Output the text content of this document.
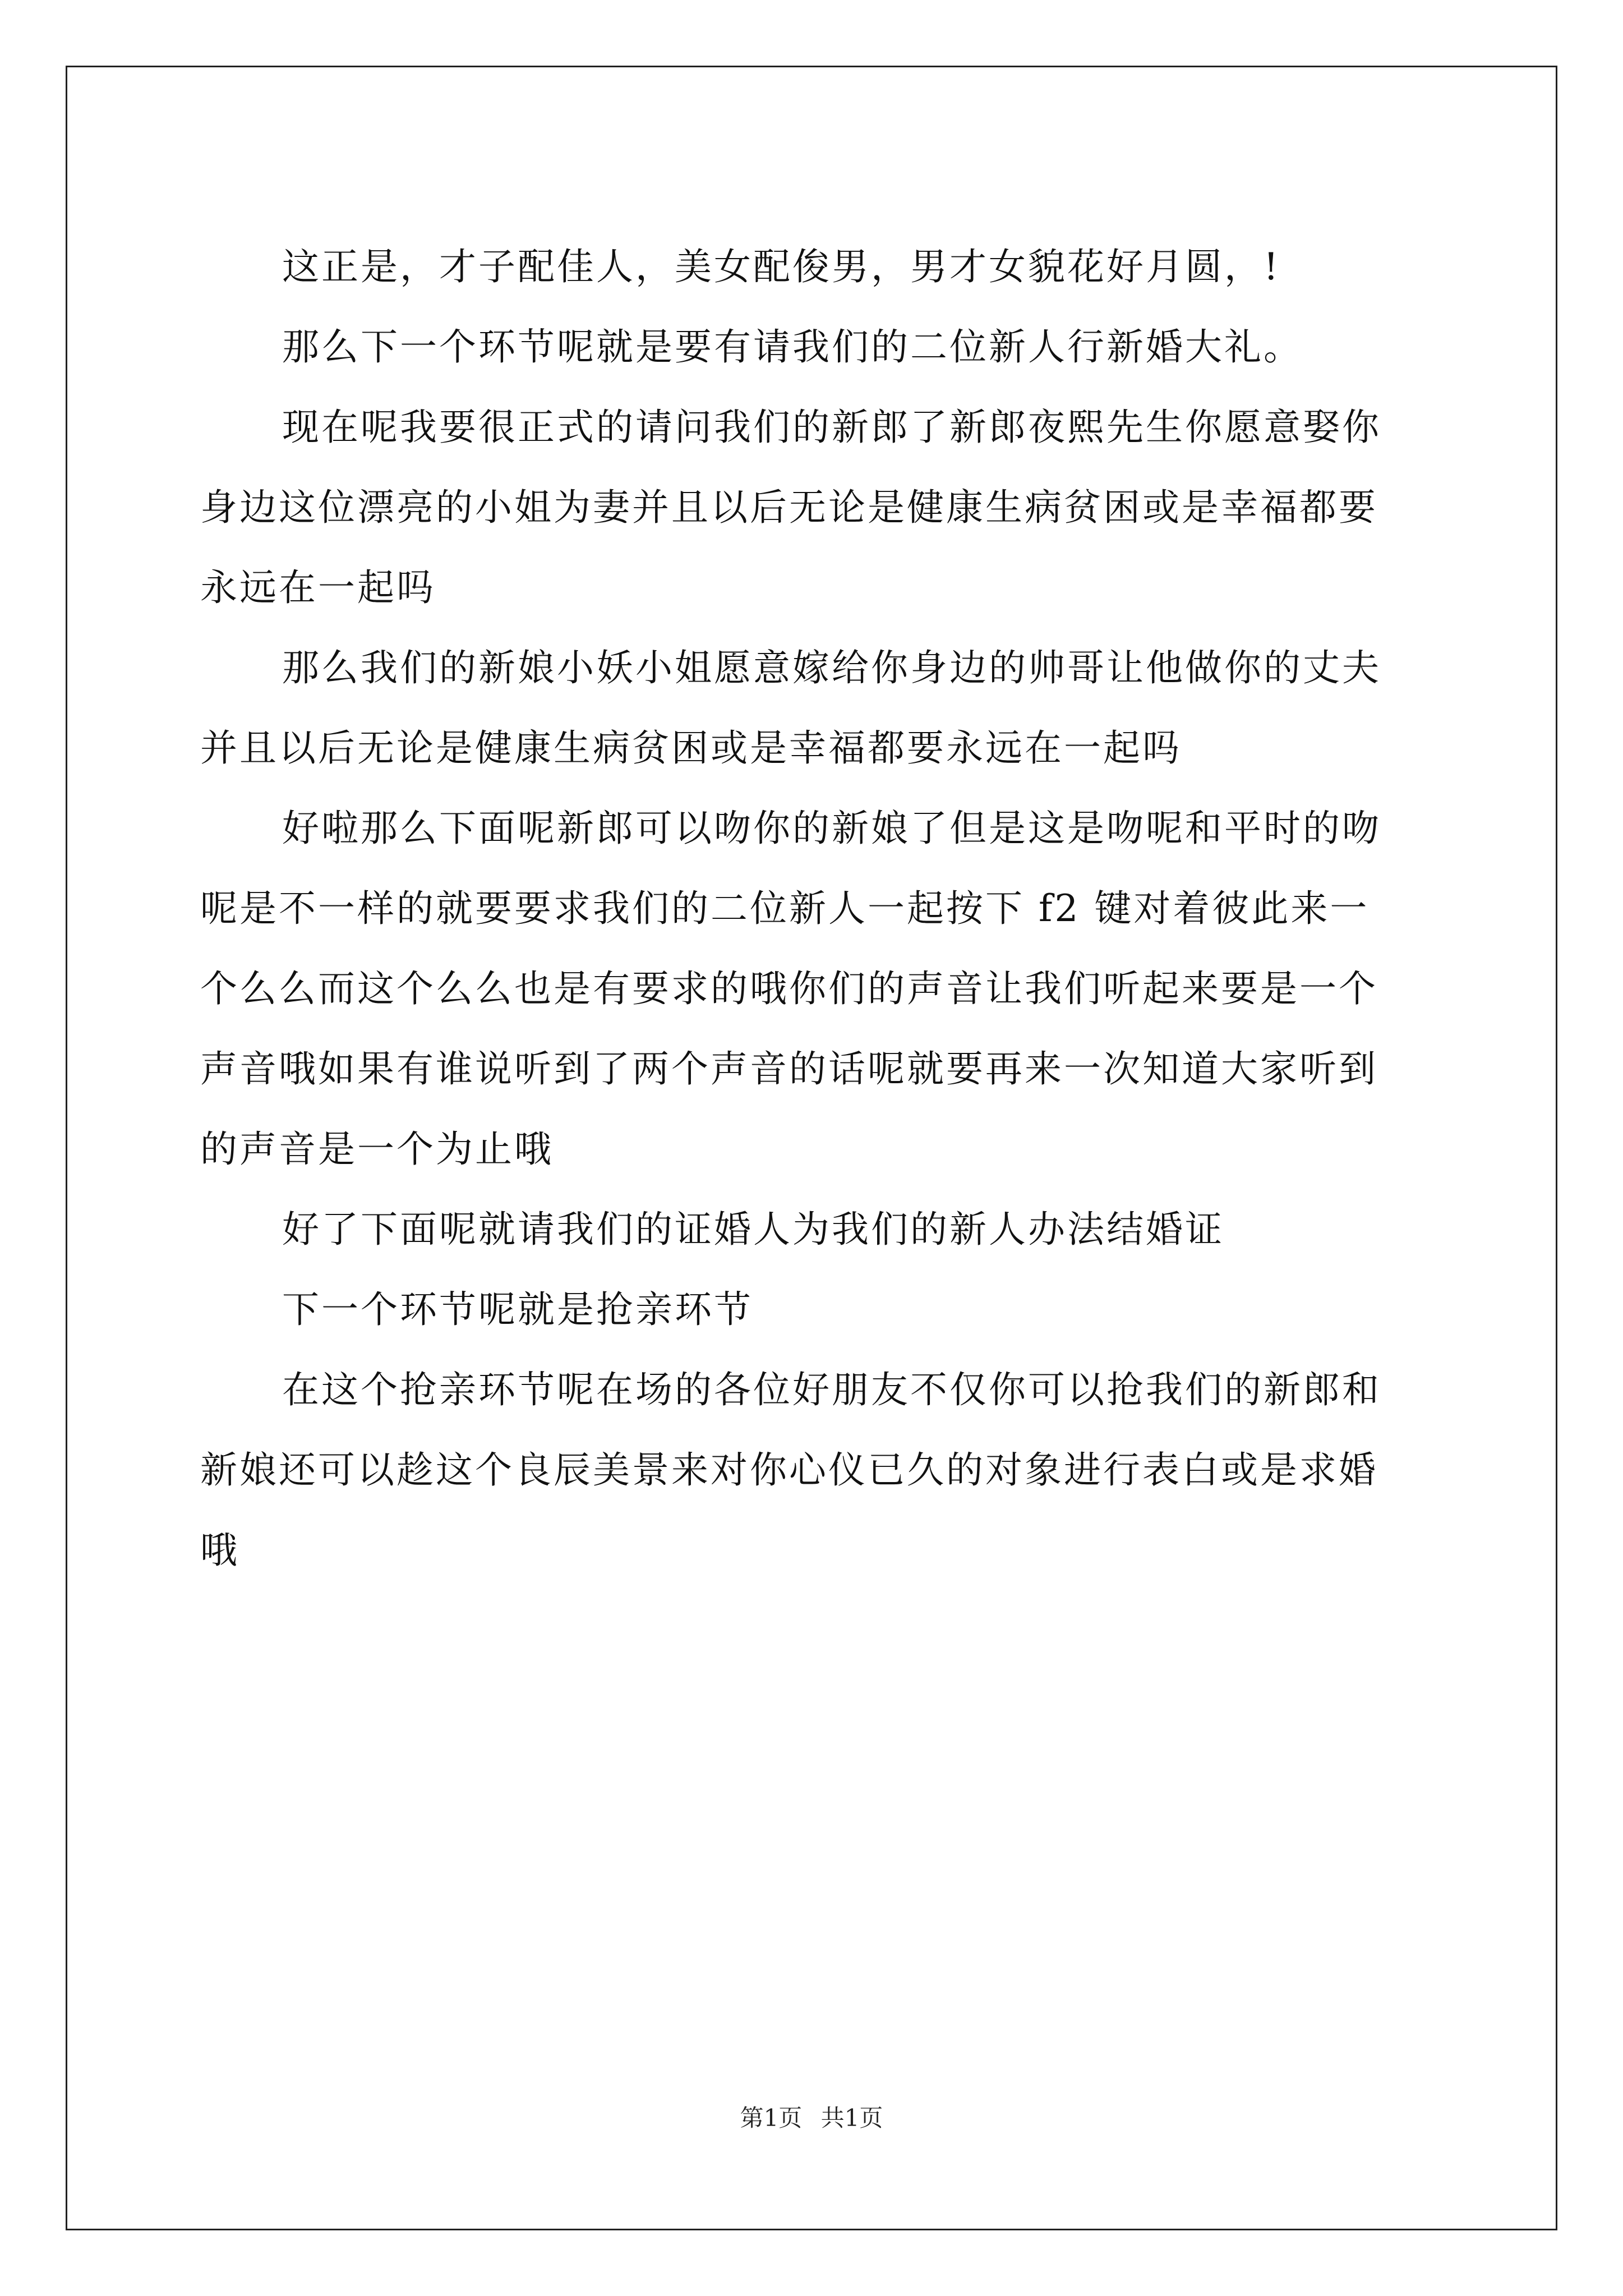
这正是，才子配佳人，美女配俊男，男才女貌花好月圆，!

那么下一个环节呢就是要有请我们的二位新人行新婚大礼。

现在呢我要很正式的请问我们的新郎了新郎夜熙先生你愿意娶你
身边这位漂亮的小姐为妻并且以后无论是健康生病贫困或是幸福都要
永远在一起吗

那么我们的新娘小妖小姐愿意嫁给你身边的帅哥让他做你的丈夫
并且以后无论是健康生病贫困或是幸福都要永远在一起吗

好啦那么下面呢新郎可以吻你的新娘了但是这是吻呢和平时的吻
呢是不一样的就要要求我们的二位新人一起按下 f2 键对着彼此来一
个么么而这个么么也是有要求的哦你们的声音让我们听起来要是一个
声音哦如果有谁说听到了两个声音的话呢就要再来一次知道大家听到
的声音是一个为止哦

好了下面呢就请我们的证婚人为我们的新人办法结婚证

下一个环节呢就是抢亲环节

在这个抢亲环节呢在场的各位好朋友不仅你可以抢我们的新郎和
新娘还可以趁这个良辰美景来对你心仪已久的对象进行表白或是求婚
哦

第1页 共1页
